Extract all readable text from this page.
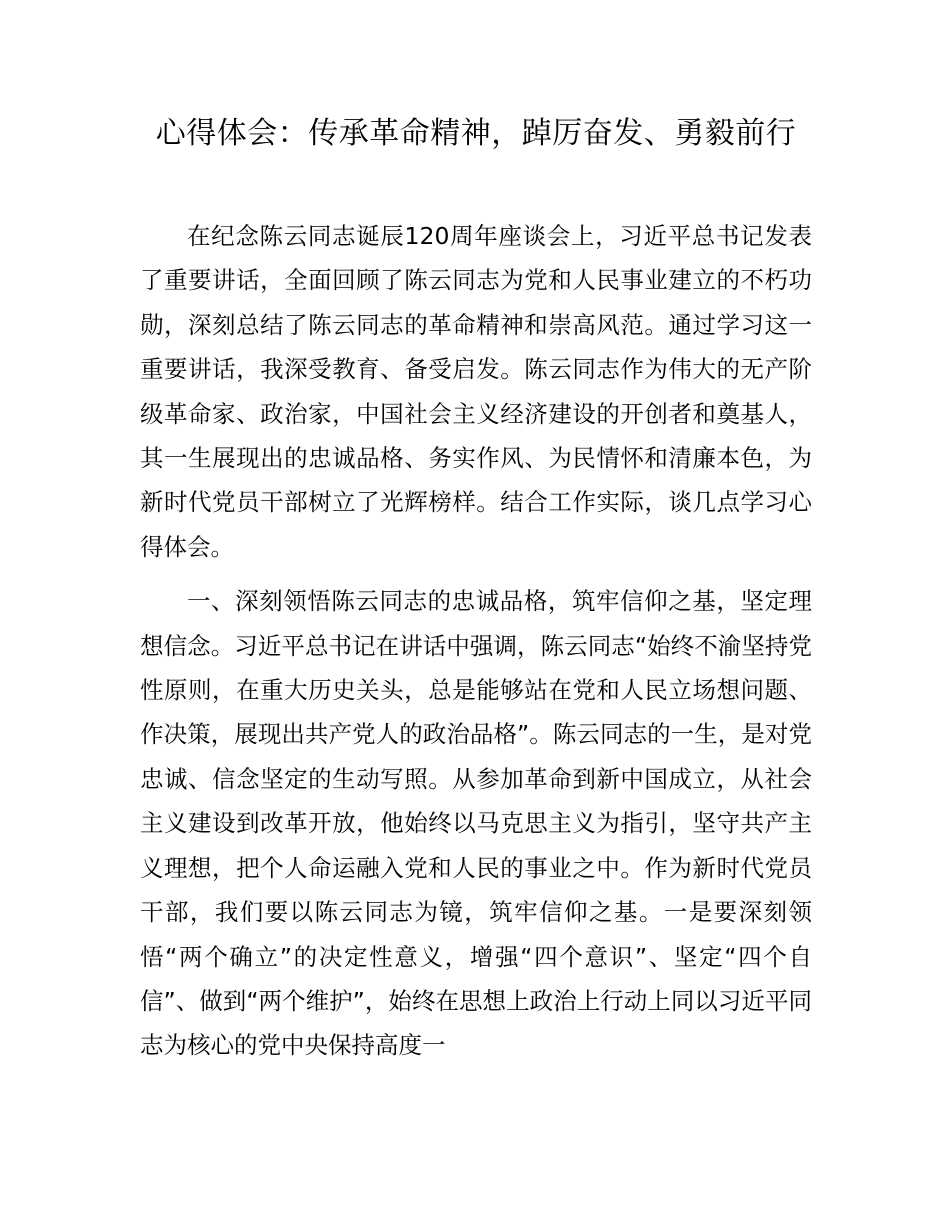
心得体会：传承革命精神，踔厉奋发、勇毅前行

在纪念陈云同志诞辰120周年座谈会上，习近平总书记发表了重要讲话，全面回顾了陈云同志为党和人民事业建立的不朽功勋，深刻总结了陈云同志的革命精神和崇高风范。通过学习这一重要讲话，我深受教育、备受启发。陈云同志作为伟大的无产阶级革命家、政治家，中国社会主义经济建设的开创者和奠基人，其一生展现出的忠诚品格、务实作风、为民情怀和清廉本色，为新时代党员干部树立了光辉榜样。结合工作实际，谈几点学习心得体会。

一、深刻领悟陈云同志的忠诚品格，筑牢信仰之基，坚定理想信念。习近平总书记在讲话中强调，陈云同志“始终不渝坚持党性原则，在重大历史关头，总是能够站在党和人民立场想问题、作决策，展现出共产党人的政治品格”。陈云同志的一生，是对党忠诚、信念坚定的生动写照。从参加革命到新中国成立，从社会主义建设到改革开放，他始终以马克思主义为指引，坚守共产主义理想，把个人命运融入党和人民的事业之中。作为新时代党员干部，我们要以陈云同志为镜，筑牢信仰之基。一是要深刻领悟“两个确立”的决定性意义，增强“四个意识”、坚定“四个自信”、做到“两个维护”，始终在思想上政治上行动上同以习近平同志为核心的党中央保持高度一
